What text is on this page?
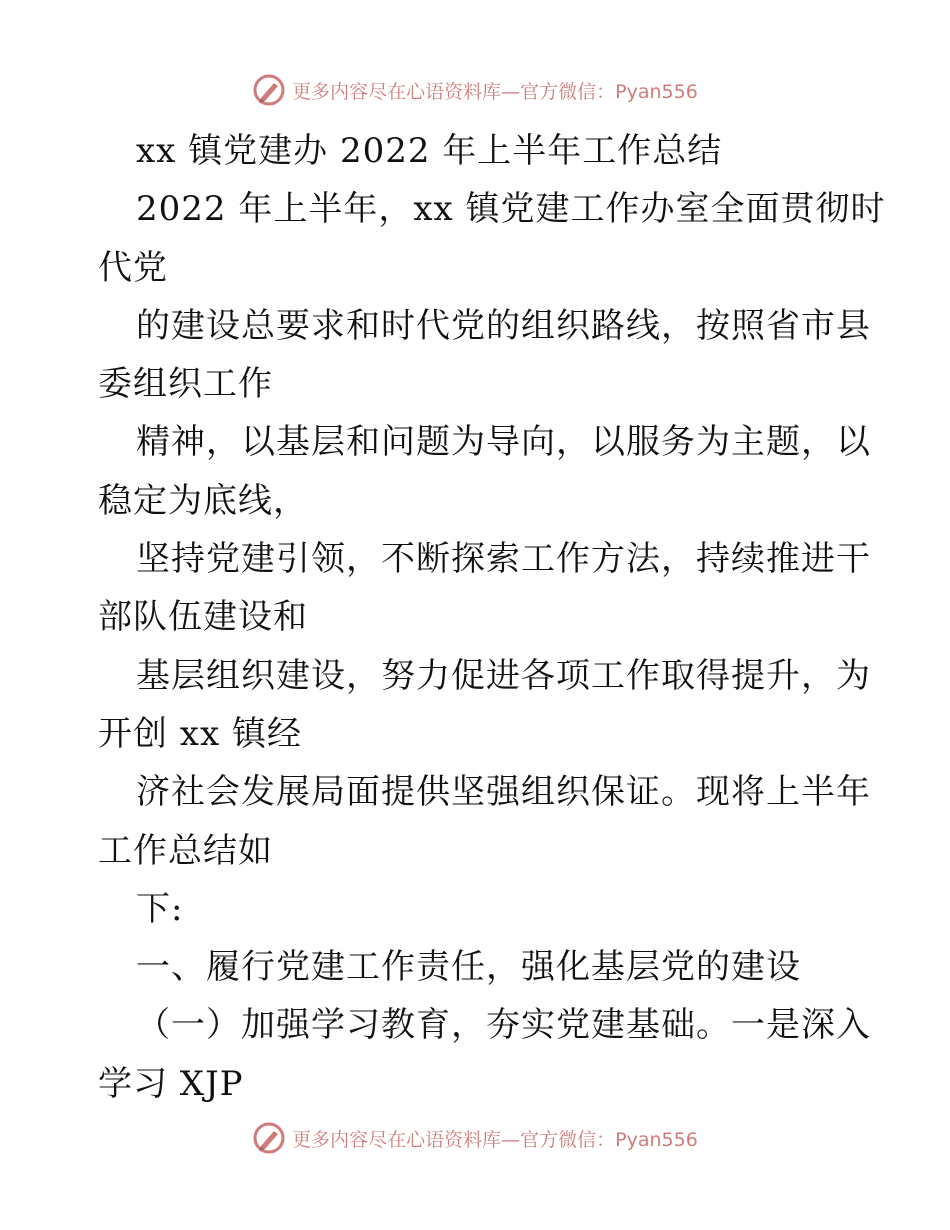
更多内容尽在心语资料库—官方微信：Pyan556
xx 镇党建办 2022 年上半年工作总结
2022 年上半年，xx 镇党建工作办室全面贯彻时
代党
的建设总要求和时代党的组织路线，按照省市县
委组织工作
精神，以基层和问题为导向，以服务为主题，以
稳定为底线，
坚持党建引领，不断探索工作方法，持续推进干
部队伍建设和
基层组织建设，努力促进各项工作取得提升，为
开创 xx 镇经
济社会发展局面提供坚强组织保证。现将上半年
工作总结如
下:
一、履行党建工作责任，强化基层党的建设
（一）加强学习教育，夯实党建基础。一是深入
学习 XJP
更多内容尽在心语资料库—官方微信：Pyan556
